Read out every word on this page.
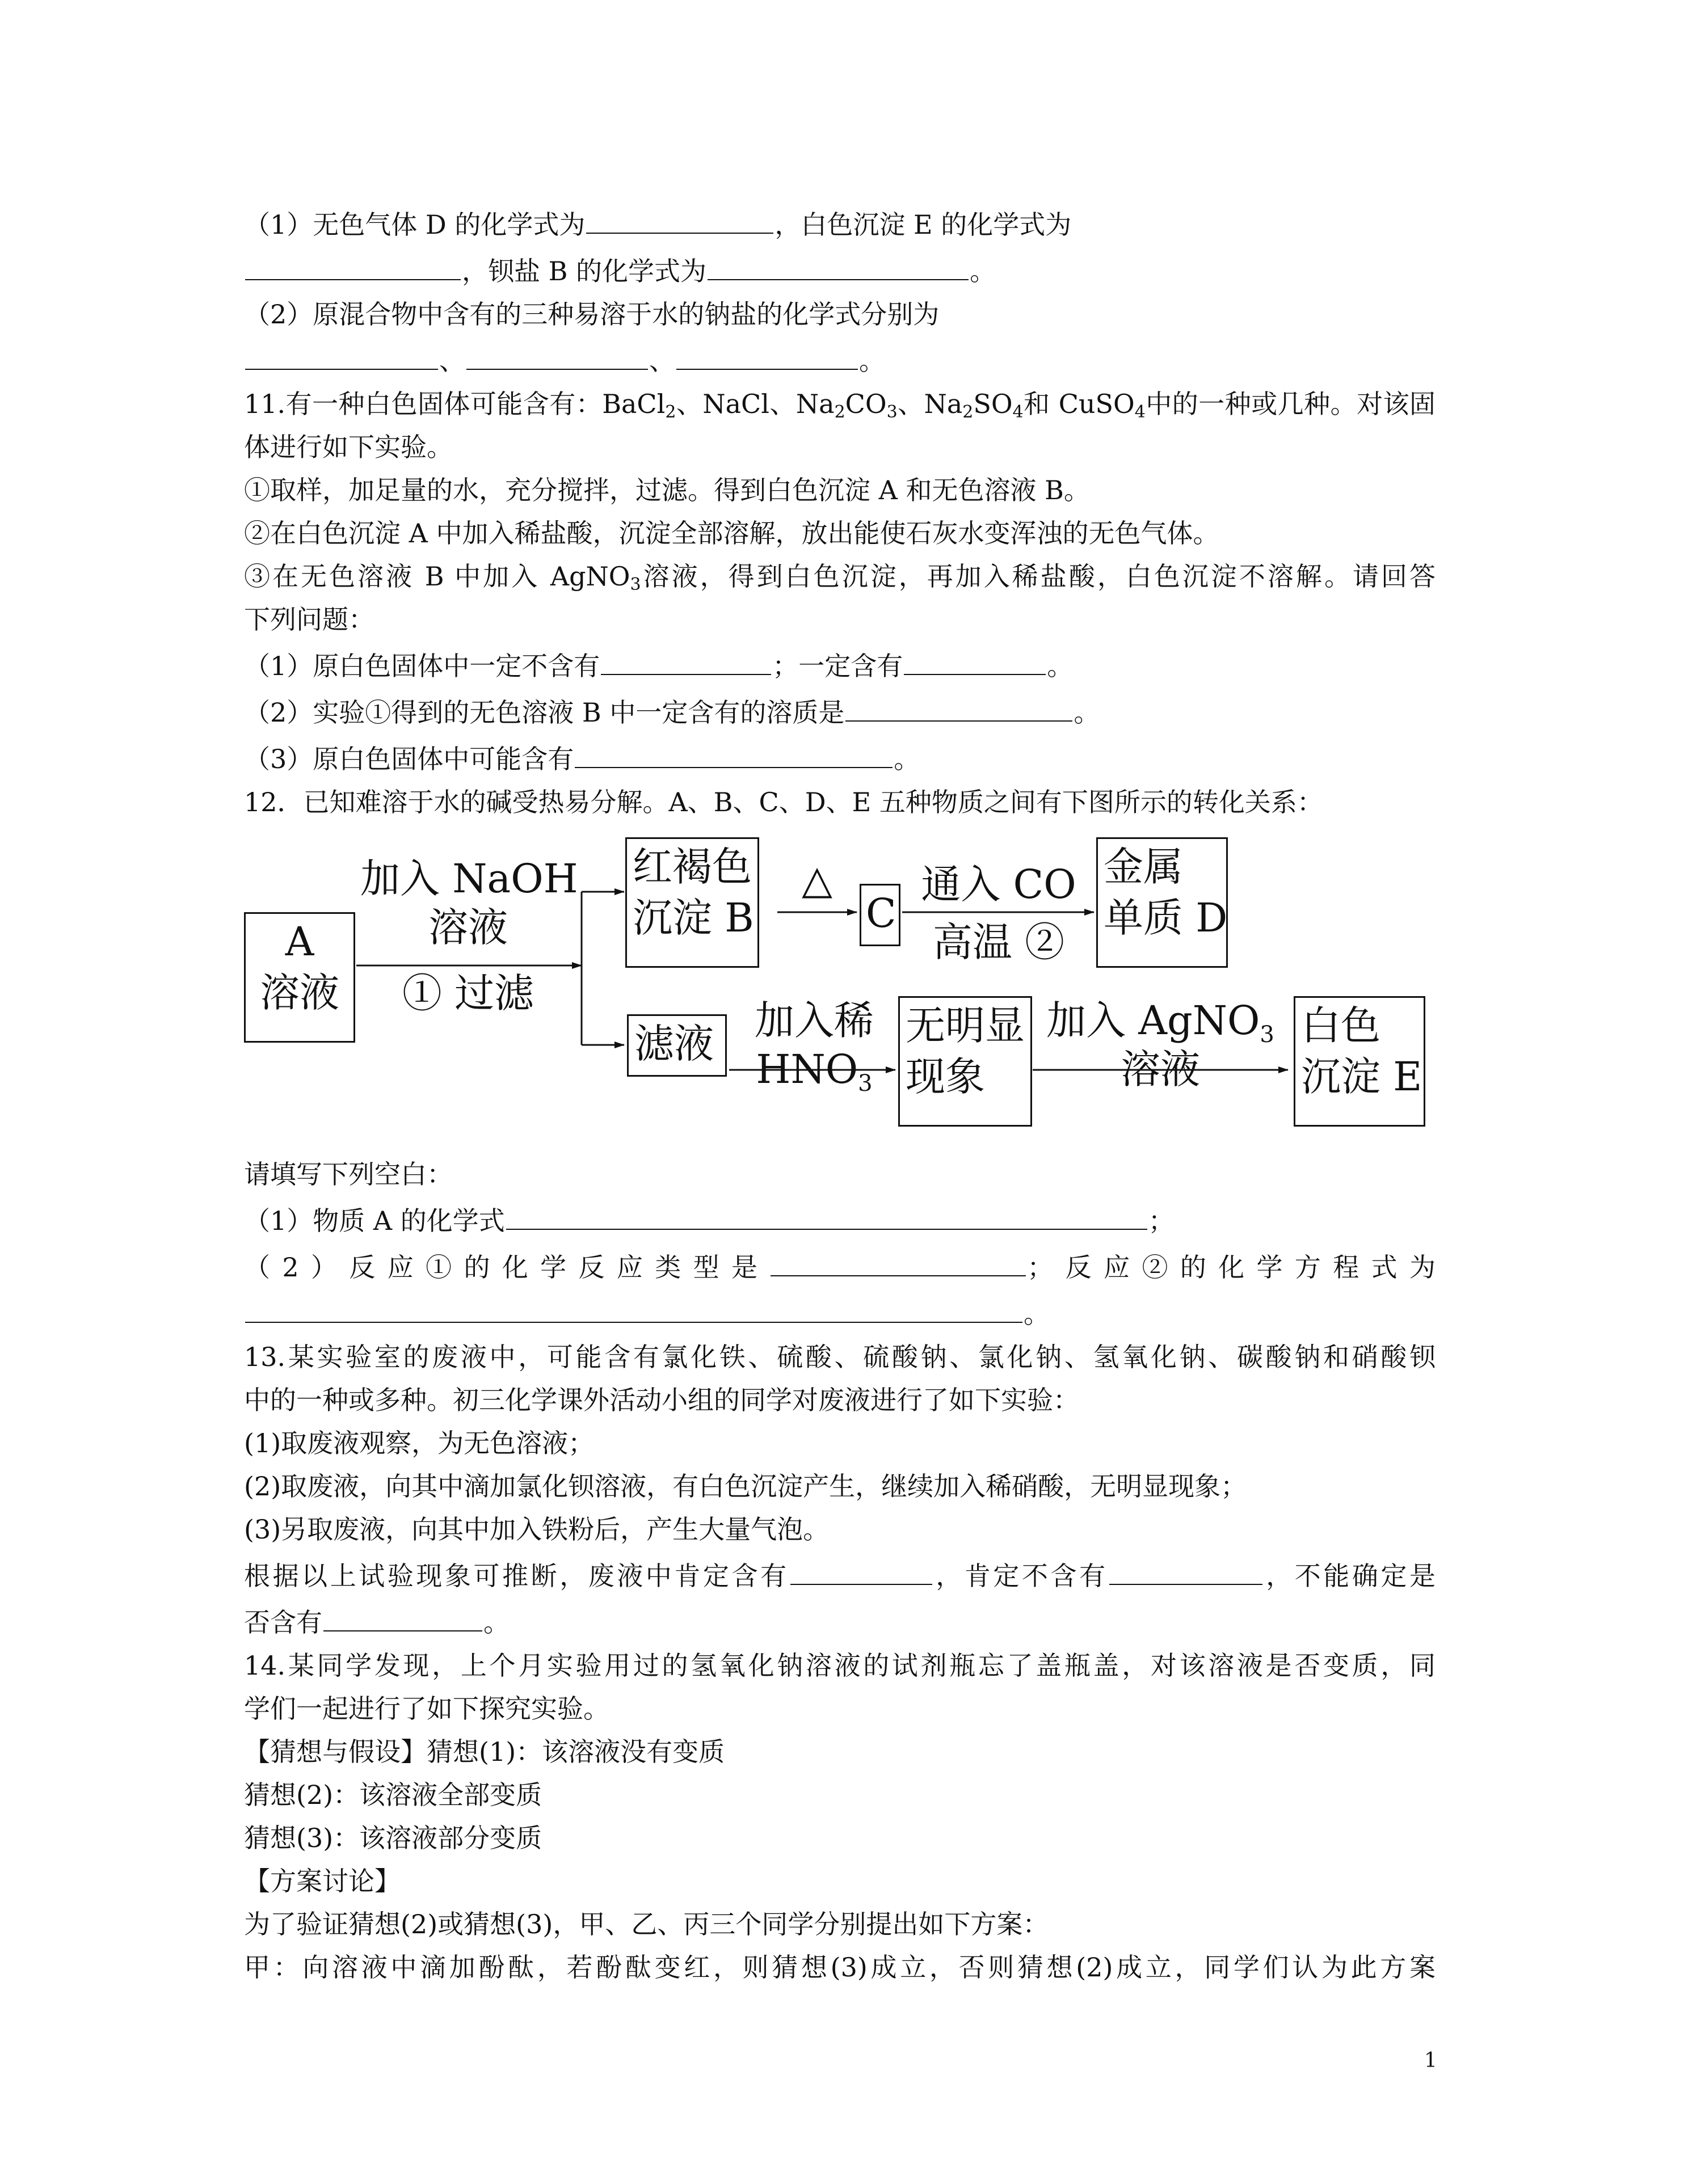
（1）无色气体 D 的化学式为	，白色沉淀 E 的化学式为
，钡盐 B 的化学式为	。
（2）原混合物中含有的三种易溶于水的钠盐的化学式分别为
、	、	。
11.有一种白色固体可能含有：BaCl$_2$、NaCl、$Na_2CO_3$、$Na_2SO_4$和 CuSO$_4$中的一种或几种。对该固
体进行如下实验。
①取样，加足量的水，充分搅拌，过滤。得到白色沉淀 A 和无色溶液 B。
②在白色沉淀 A 中加入稀盐酸，沉淀全部溶解，放出能使石灰水变浑浊的无色气体。
③在无色溶液 B 中加入 AgNO$_3$溶液，得到白色沉淀，再加入稀盐酸，白色沉淀不溶解。请回答
下列问题：
（1）原白色固体中一定不含有	；一定含有	。
（2）实验①得到的无色溶液 B 中一定含有的溶质是	。
（3）原白色固体中可能含有	。
12．已知难溶于水的碱受热易分解。A、B、C、D、E 五种物质之间有下图所示的转化关系：
A
溶液
加入 NaOH
溶液
① 过滤
红褐色
沉淀 B
△
C
通入 CO
高温 ②
金属
单质 D
滤液	加入稀
$HNO_3$
无明显
现象
加入 AgNO$_3$
溶液
白色
沉淀 E
请填写下列空白：
（1）物质 A 的化学式	；
（2）反应①的化学反应类型是	；反应②的化学方程式为
。
13.某实验室的废液中，可能含有氯化铁、硫酸、硫酸钠、氯化钠、氢氧化钠、碳酸钠和硝酸钡
中的一种或多种。初三化学课外活动小组的同学对废液进行了如下实验：
(1)取废液观察，为无色溶液；
(2)取废液，向其中滴加氯化钡溶液，有白色沉淀产生，继续加入稀硝酸，无明显现象；
(3)另取废液，向其中加入铁粉后，产生大量气泡。
根据以上试验现象可推断，废液中肯定含有	，肯定不含有	，不能确定是
否含有	。
14.某同学发现，上个月实验用过的氢氧化钠溶液的试剂瓶忘了盖瓶盖，对该溶液是否变质，同
学们一起进行了如下探究实验。
【猜想与假设】猜想(1)：该溶液没有变质
猜想(2)：该溶液全部变质
猜想(3)：该溶液部分变质
【方案讨论】
为了验证猜想(2)或猜想(3)，甲、乙、丙三个同学分别提出如下方案：
甲：向溶液中滴加酚酞，若酚酞变红，则猜想(3)成立，否则猜想(2)成立，同学们认为此方案
1
